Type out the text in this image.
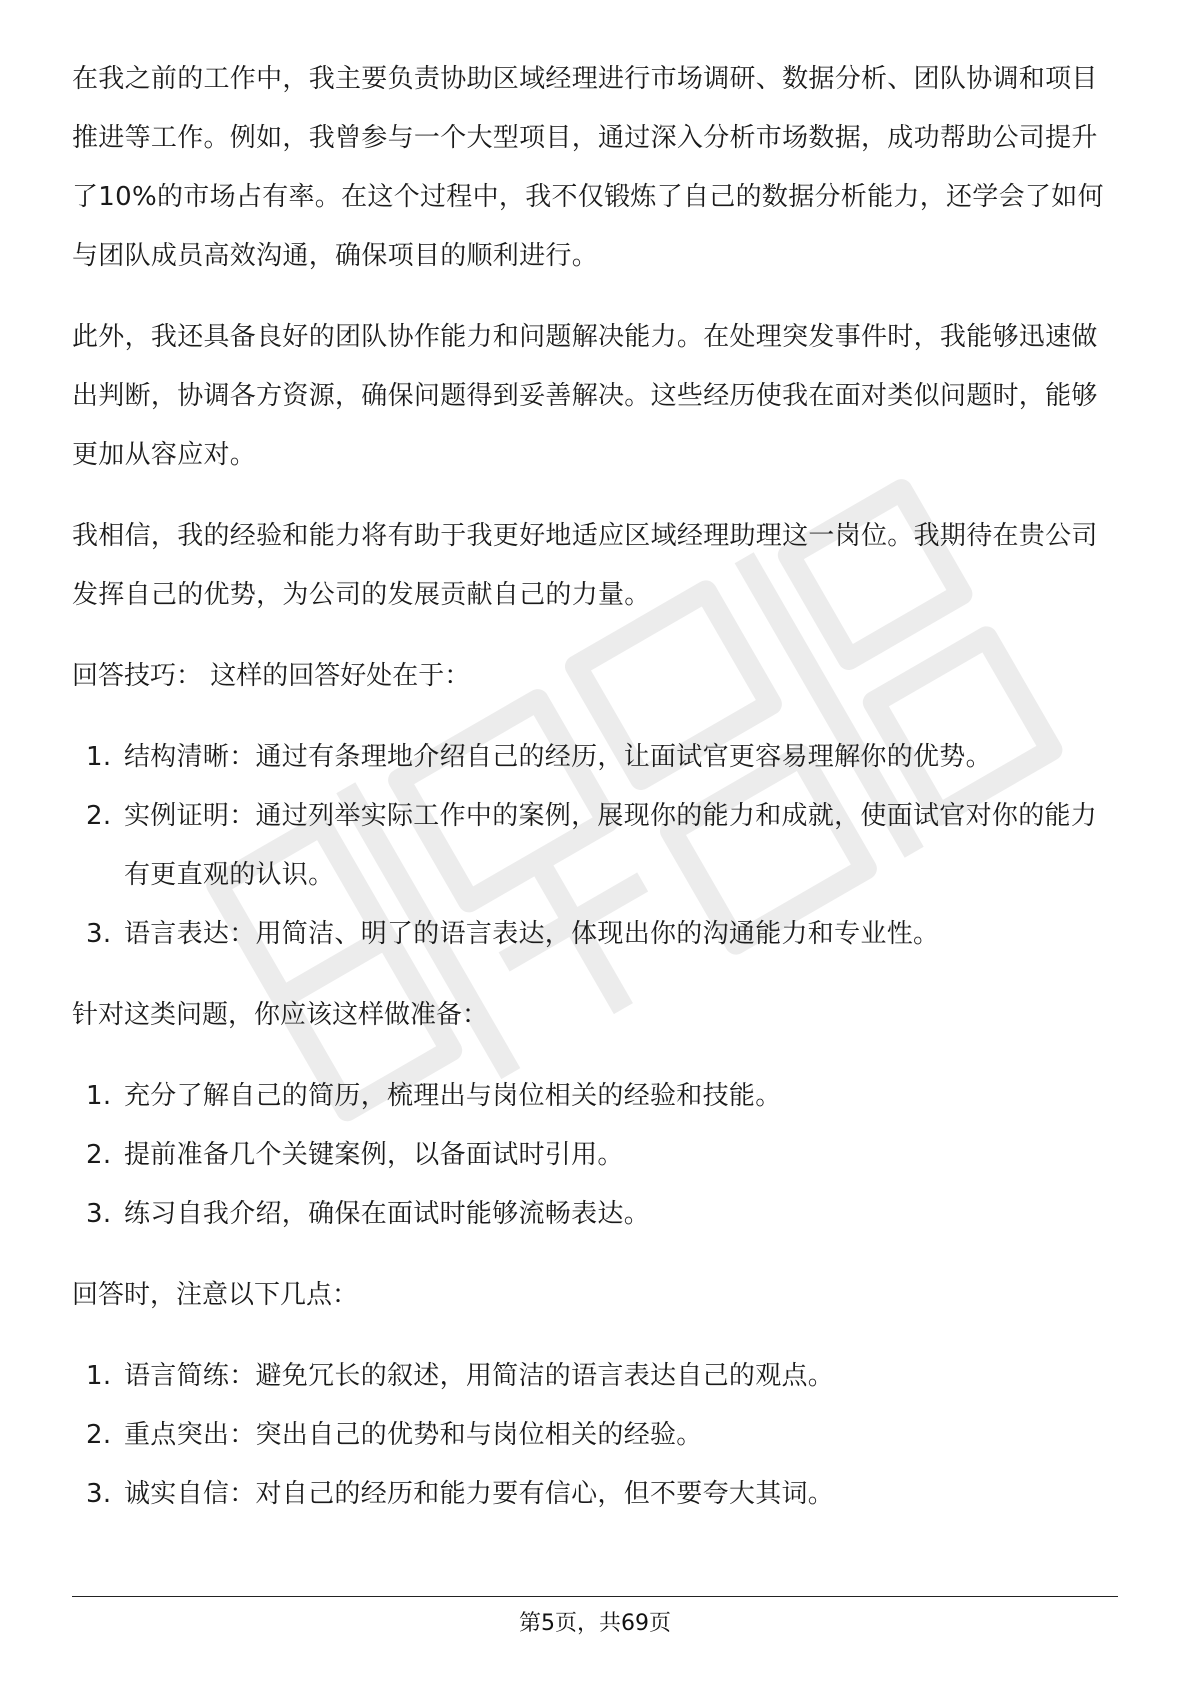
在我之前的工作中，我主要负责协助区域经理进行市场调研、数据分析、团队协调和项目推进等工作。例如，我曾参与一个大型项目，通过深入分析市场数据，成功帮助公司提升了10%的市场占有率。在这个过程中，我不仅锻炼了自己的数据分析能力，还学会了如何与团队成员高效沟通，确保项目的顺利进行。

此外，我还具备良好的团队协作能力和问题解决能力。在处理突发事件时，我能够迅速做出判断，协调各方资源，确保问题得到妥善解决。这些经历使我在面对类似问题时，能够更加从容应对。

我相信，我的经验和能力将有助于我更好地适应区域经理助理这一岗位。我期待在贵公司发挥自己的优势，为公司的发展贡献自己的力量。

回答技巧： 这样的回答好处在于：

1. 结构清晰：通过有条理地介绍自己的经历，让面试官更容易理解你的优势。
2. 实例证明：通过列举实际工作中的案例，展现你的能力和成就，使面试官对你的能力有更直观的认识。
3. 语言表达：用简洁、明了的语言表达，体现出你的沟通能力和专业性。

针对这类问题，你应该这样做准备：

1. 充分了解自己的简历，梳理出与岗位相关的经验和技能。
2. 提前准备几个关键案例，以备面试时引用。
3. 练习自我介绍，确保在面试时能够流畅表达。

回答时，注意以下几点：

1. 语言简练：避免冗长的叙述，用简洁的语言表达自己的观点。
2. 重点突出：突出自己的优势和与岗位相关的经验。
3. 诚实自信：对自己的经历和能力要有信心，但不要夸大其词。
第5页，共69页
